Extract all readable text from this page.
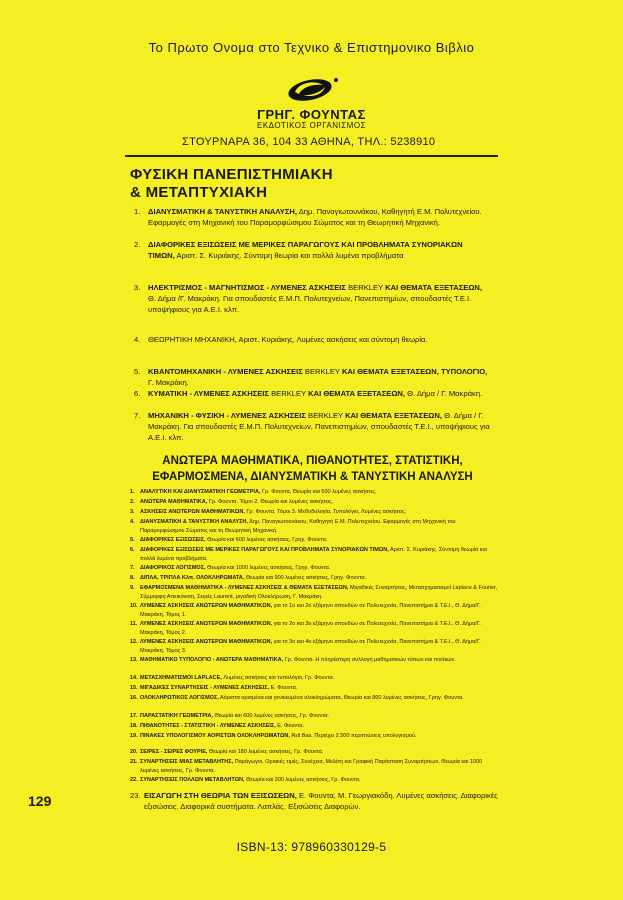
Το Πρωτο Ονομα στο Τεχνικο & Επιστημονικο Βιβλιο
ΓΡΗΓ. ΦΟΥΝΤΑΣ
ΕΚΔΟΤΙΚΟΣ ΟΡΓΑΝΙΣΜΟΣ
ΣΤΟΥΡΝΑΡΑ 36, 104 33 ΑΘΗΝΑ, ΤΗΛ.: 5238910
ΦΥΣΙΚΗ ΠΑΝΕΠΙΣΤΗΜΙΑΚΗ
& ΜΕΤΑΠΤΥΧΙΑΚΗ
1. ΔΙΑΝΥΣΜΑΤΙΚΗ & ΤΑΝΥΣΤΙΚΗ ΑΝΑΛΥΣΗ, Δημ. Παναγιωτουνάκου, Καθηγητή Ε.Μ. Πολυτεχνείου. Εφαρμογές στη Μηχανική του Παραμορφώσιμου Σώματος και τη Θεωρητική Μηχανική.
2. ΔΙΑΦΟΡΙΚΕΣ ΕΞΙΣΩΣΕΙΣ ΜΕ ΜΕΡΙΚΕΣ ΠΑΡΑΓΩΓΟΥΣ ΚΑΙ ΠΡΟΒΛΗΜΑΤΑ ΣΥΝΟΡΙΑΚΩΝ ΤΙΜΩΝ, Αριστ. Σ. Κυριάκης. Σύντομη θεωρία και πολλά λυμένα προβλήματα
3. ΗΛΕΚΤΡΙΣΜΟΣ - ΜΑΓΝΗΤΙΣΜΟΣ - ΛΥΜΕΝΕΣ ΑΣΚΗΣΕΙΣ BERKLEY ΚΑΙ ΘΕΜΑΤΑ ΕΞΕΤΑΣΕΩΝ, Θ. Δήμα /Γ. Μακράκη. Για σπουδαστές Ε.Μ.Π. Πολυτεχνείων, Πανεπιστημίων, σπουδαστές Τ.Ε.Ι. υποψήφιους για Α.Ε.Ι. κλπ.
4. ΘΕΩΡΗΤΙΚΗ ΜΗΧΑΝΙΚΗ, Αριστ. Κυριάκης. Λυμένες ασκήσεις και σύντομη θεωρία.
5. ΚΒΑΝΤΟΜΗΧΑΝΙΚΗ - ΛΥΜΕΝΕΣ ΑΣΚΗΣΕΙΣ BERKLEY ΚΑΙ ΘΕΜΑΤΑ ΕΞΕΤΑΣΕΩΝ, ΤΥΠΟΛΟΓΙΟ, Γ. Μακράκη.
6. ΚΥΜΑΤΙΚΗ - ΛΥΜΕΝΕΣ ΑΣΚΗΣΕΙΣ BERKLEY ΚΑΙ ΘΕΜΑΤΑ ΕΞΕΤΑΣΕΩΝ, Θ. Δήμα / Γ. Μακράκη.
7. ΜΗΧΑΝΙΚΗ - ΦΥΣΙΚΗ - ΛΥΜΕΝΕΣ ΑΣΚΗΣΕΙΣ BERKLEY ΚΑΙ ΘΕΜΑΤΑ ΕΞΕΤΑΣΕΩΝ, Θ. Δήμα / Γ. Μακράκη. Για σπουδαστές Ε.Μ.Π. Πολυτεχνείων, Πανεπιστημίων, σπουδαστές Τ.Ε.Ι., υποψήφιους για Α.Ε.Ι. κλπ.
ΑΝΩΤΕΡΑ ΜΑΘΗΜΑΤΙΚΑ, ΠΙΘΑΝΟΤΗΤΕΣ, ΣΤΑΤΙΣΤΙΚΗ,
ΕΦΑΡΜΟΣΜΕΝΑ, ΔΙΑΝΥΣΜΑΤΙΚΗ & ΤΑΝΥΣΤΙΚΗ ΑΝΑΛΥΣΗ
1. ΑΝΑΛΥΤΙΚΗ ΚΑΙ ΔΙΑΝΥΣΜΑΤΙΚΗ ΓΕΩΜΕΤΡΙΑ, Γρ. Φουντα, Θεωρία και 500 λυμένες ασκήσεις.
2. ΑΝΩΤΕΡΑ ΜΑΘΗΜΑΤΙΚΑ, Γρ. Φουντα. Τόμοι 2. Θεωρία και λυμένες ασκήσεις.
3. ΑΣΚΗΣΕΙΣ ΑΝΩΤΕΡΩΝ ΜΑΘΗΜΑΤΙΚΩΝ, Γρ. Φουντα. Τόμοι 3. Μεθοδολογία, Τυπολόγιο, Λυμένες ασκήσεις.
4. ΔΙΑΝΥΣΜΑΤΙΚΗ & ΤΑΝΥΣΤΙΚΗ ΑΝΑΛΥΣΗ, Δημ. Παναγιωτουνάκου, Καθηγητή Ε.Μ. Πολυτεχνείου. Εφαρμογές στη Μηχανική του Παραμορφώσιμου Σώματος και τη Θεωρητική Μηχανική.
5. ΔΙΑΦΟΡΙΚΕΣ ΕΞΙΣΩΣΕΙΣ, Θεωρία και 600 λυμένες ασκήσεις, Γρηγ. Φουντα.
6. ΔΙΑΦΟΡΙΚΕΣ ΕΞΙΣΩΣΕΙΣ ΜΕ ΜΕΡΙΚΕΣ ΠΑΡΑΓΩΓΟΥΣ ΚΑΙ ΠΡΟΒΛΗΜΑΤΑ ΣΥΝΟΡΙΑΚΩΝ ΤΙΜΩΝ, Αριστ. Σ. Κυριάκης. Σύντομη θεωρία και πολλά λυμένα προβλήματα.
7. ΔΙΑΦΟΡΙΚΟΣ ΛΟΓΙΣΜΟΣ, Θεωρία και 1000 λυμένες ασκήσεις, Γρηγ. Φουντα.
8. ΔΙΠΛΑ, ΤΡΙΠΛΑ Κλπ. ΟΛΟΚΛΗΡΩΜΑΤΑ, Θεωρία και 900 λυμένες ασκήσεις, Γρηγ. Φουντα.
9. ΕΦΑΡΜΟΣΜΕΝΑ ΜΑΘΗΜΑΤΙΚΑ - ΛΥΜΕΝΕΣ ΑΣΚΗΣΕΙΣ & ΘΕΜΑΤΑ ΕΞΕΤΑΣΕΩΝ, Μιγαδικές Συναρτήσεις, Μετασχηματισμοί Laplace & Fourier, Σύμμορφη Απεικόνιση, Σειρές Laurent, μιγαδική Ολοκλήρωση, Γ. Μακράκη.
10. ΛΥΜΕΝΕΣ ΑΣΚΗΣΕΙΣ ΑΝΩΤΕΡΩΝ ΜΑΘΗΜΑΤΙΚΩΝ, για το 1ο και 2ο εξάμηνο σπουδών σε Πολυτεχνεία, Πανεπιστήμια & Τ.Ε.Ι., Θ. Δήμα/Γ. Μακράκη, Τόμος 1.
11. ΛΥΜΕΝΕΣ ΑΣΚΗΣΕΙΣ ΑΝΩΤΕΡΩΝ ΜΑΘΗΜΑΤΙΚΩΝ, για το 2ο και 3ο εξάμηνο σπουδών σε Πολυτεχνεία, Πανεπιστήμια & Τ.Ε.Ι., Θ. Δήμα/Γ. Μακράκη, Τόμος 2.
12. ΛΥΜΕΝΕΣ ΑΣΚΗΣΕΙΣ ΑΝΩΤΕΡΩΝ ΜΑΘΗΜΑΤΙΚΩΝ, για το 3ο και 4ο εξάμηνο σπουδών σε Πολυτεχνεία, Πανεπιστήμια & Τ.Ε.Ι., Θ. Δήμα/Γ. Μακράκη, Τόμος 3.
13. ΜΑΘΗΜΑΤΙΚΟ ΤΥΠΟΛΟΓΙΟ - ΑΝΩΤΕΡΑ ΜΑΘΗΜΑΤΙΚΑ, Γρ. Φουντα. Η πληρέστερη συλλογή μαθηματικών τύπων και πινάκων.
14. ΜΕΤΑΣΧΗΜΑΤΙΣΜΟΙ LAPLACE, Λυμένες ασκήσεις και τυπολόγιο, Γρ. Φουντα.
15. ΜΙΓΑΔΙΚΕΣ ΣΥΝΑΡΤΗΣΕΙΣ - ΛΥΜΕΝΕΣ ΑΣΚΗΣΕΙΣ, Ε. Φουντα.
16. ΟΛΟΚΛΗΡΩΤΙΚΟΣ ΛΟΓΙΣΜΟΣ, Αόριστα ορισμένα και γενικευμένα ολοκληρώματα, Θεωρία και 800 λυμένες ασκήσεις, Γρηγ. Φουντα.
17. ΠΑΡΑΣΤΑΤΙΚΗ ΓΕΩΜΕΤΡΙΑ, Θεωρία και 600 λυμένες ασκήσεις, Γρ. Φουντα.
18. ΠΙΘΑΝΟΤΗΤΕΣ - ΣΤΑΤΙΣΤΙΚΗ - ΛΥΜΕΝΕΣ ΑΣΚΗΣΕΙΣ, Ε. Φουντα.
19. ΠΙΝΑΚΕΣ ΥΠΟΛΟΓΙΣΜΟΥ ΑΟΡΙΣΤΩΝ ΟΛΟΚΛΗΡΩΜΑΤΩΝ, Rεil Bas. Περιέχει 2.500 περιπτώσεις υπολογισμού.
20. ΣΕΙΡΕΣ - ΣΕΙΡΕΣ ΦΟΥΡΙΕ, Θεωρία και 180 λυμένες ασκήσεις, Γρ. Φουντα.
21. ΣΥΝΑΡΤΗΣΕΙΣ ΜΙΑΣ ΜΕΤΑΒΛΗΤΗΣ, Παράγωγοι, Οριακές τιμές, Συνέχεια, Μελέτη και Γραφική Παράσταση Συναρτήσεων, Θεωρία και 1000 λυμένες ασκήσεις, Γρ. Φουντα.
22. ΣΥΝΑΡΤΗΣΕΙΣ ΠΟΛΛΩΝ ΜΕΤΑΒΛΗΤΩΝ, Θεωρία και 200 λυμένες ασκήσεις, Γρ. Φουντα.
23. ΕΙΣΑΓΩΓΗ ΣΤΗ ΘΕΩΡΙΑ ΤΩΝ ΕΞΙΣΩΣΕΩΝ, Ε. Φουντα, Μ. Γεωργιακόδη. Λυμένες ασκήσεις. Διαφορικές εξισώσεις. Διαφορικά συστήματα. Λαπλάς. Εξισώσεις Διαφορών.
129
ISBN-13: 978960330129-5
